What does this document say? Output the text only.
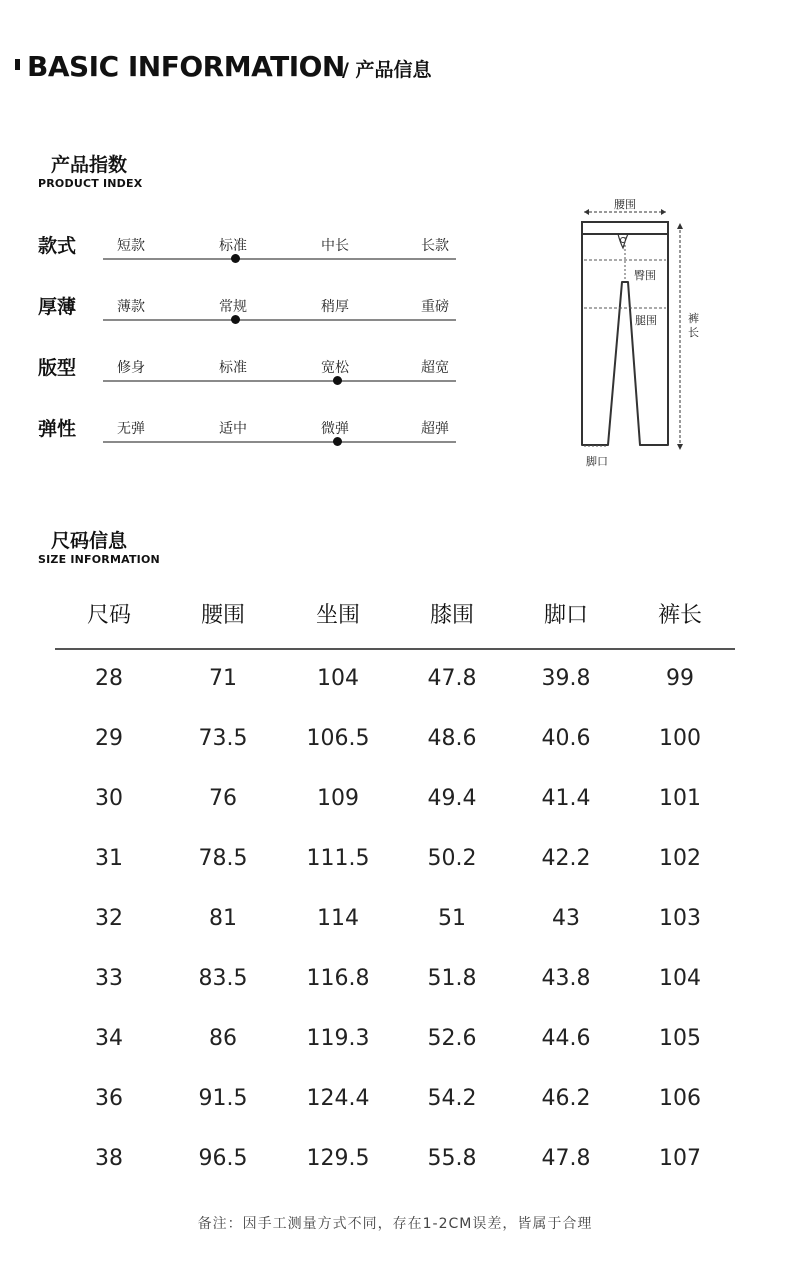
BASIC INFORMATION
/ 产品信息
产品指数
PRODUCT INDEX
款式	短款	标准	中长	长款
厚薄	薄款	常规	稍厚	重磅
版型	修身	标准	宽松	超宽
弹性	无弹	适中	微弹	超弹
腰围
臀围
腿围
脚口
裤 长
尺码信息
SIZE INFORMATION
尺码	腰围	坐围	膝围	脚口	裤长
28	71	104	47.8	39.8	99
29	73.5	106.5	48.6	40.6	100
30	76	109	49.4	41.4	101
31	78.5	111.5	50.2	42.2	102
32	81	114	51	43	103
33	83.5	116.8	51.8	43.8	104
34	86	119.3	52.6	44.6	105
36	91.5	124.4	54.2	46.2	106
38	96.5	129.5	55.8	47.8	107
备注：因手工测量方式不同，存在1-2CM误差，皆属于合理
